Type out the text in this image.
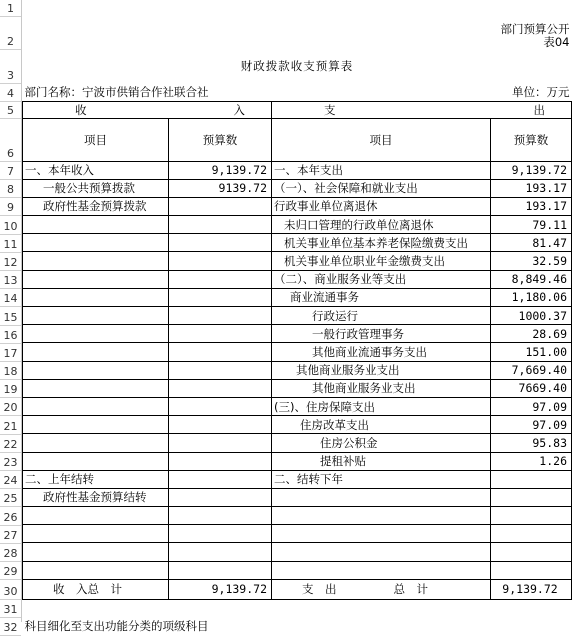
1
2
3
4
5
6
7
8
9
10
11
12
13
14
15
16
17
18
19
20
21
22
23
24
25
26
27
28
29
30
31
32

			部门预算公开表04
财政拨款收支预算表			
部门名称：宁波市供销合作社联合社			单位：万元

收 入		支 出	

项目	预算数	项目	预算数
一、本年收入	9,139.72	一、本年支出	9,139.72
一般公共预算拨款	9139.72	（一）、社会保障和就业支出	193.17
政府性基金预算拨款		行政事业单位离退休	193.17
		未归口管理的行政单位离退休	79.11
		机关事业单位基本养老保险缴费支出	81.47
		机关事业单位职业年金缴费支出	32.59
		（二）、商业服务业等支出	8,849.46
		商业流通事务	1,180.06
		行政运行	1000.37
		一般行政管理事务	28.69
		其他商业流通事务支出	151.00
		其他商业服务业支出	7,669.40
		其他商业服务业支出	7669.40
		(三)、住房保障支出	97.09
		住房改革支出	97.09
		住房公积金	95.83
		提租补贴	1.26
二、上年结转		二、结转下年	
政府性基金预算结转			

收　入 总　计	9,139.72	支　出 总　计	9,139.72

科目细化至支出功能分类的项级科目			
